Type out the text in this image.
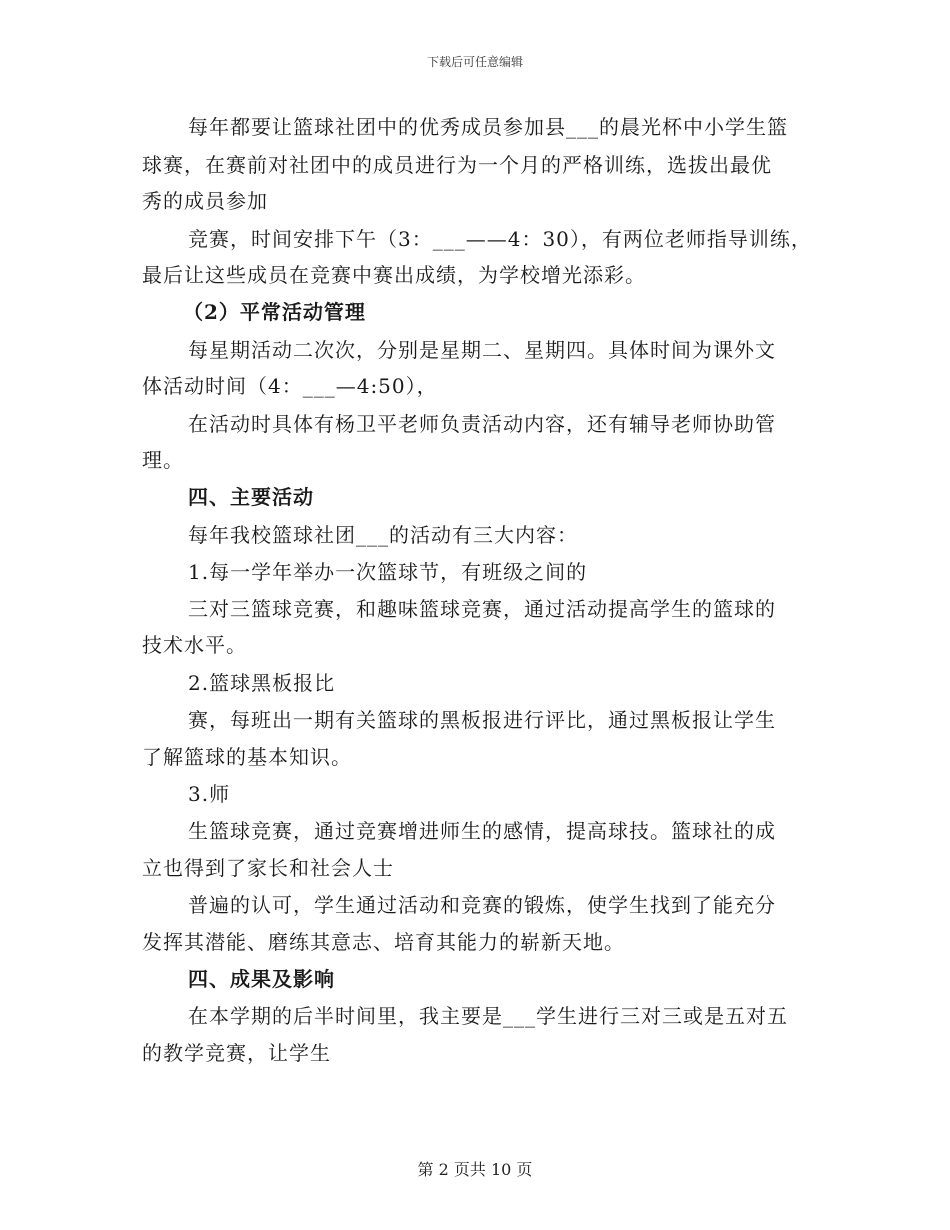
下载后可任意编辑
每年都要让篮球社团中的优秀成员参加县___的晨光杯中小学生篮
球赛，在赛前对社团中的成员进行为一个月的严格训练，选拔出最优
秀的成员参加
竞赛，时间安排下午（3：___——4：30），有两位老师指导训练，
最后让这些成员在竞赛中赛出成绩，为学校增光添彩。
（2）平常活动管理
每星期活动二次次，分别是星期二、星期四。具体时间为课外文
体活动时间（4：___—4:50），
在活动时具体有杨卫平老师负责活动内容，还有辅导老师协助管
理。
四、主要活动
每年我校篮球社团___的活动有三大内容：
1.每一学年举办一次篮球节，有班级之间的
三对三篮球竞赛，和趣味篮球竞赛，通过活动提高学生的篮球的
技术水平。
2.篮球黑板报比
赛，每班出一期有关篮球的黑板报进行评比，通过黑板报让学生
了解篮球的基本知识。
3.师
生篮球竞赛，通过竞赛增进师生的感情，提高球技。篮球社的成
立也得到了家长和社会人士
普遍的认可，学生通过活动和竞赛的锻炼，使学生找到了能充分
发挥其潜能、磨练其意志、培育其能力的崭新天地。
四、成果及影响
在本学期的后半时间里，我主要是___学生进行三对三或是五对五
的教学竞赛，让学生
第 2 页共 10 页
